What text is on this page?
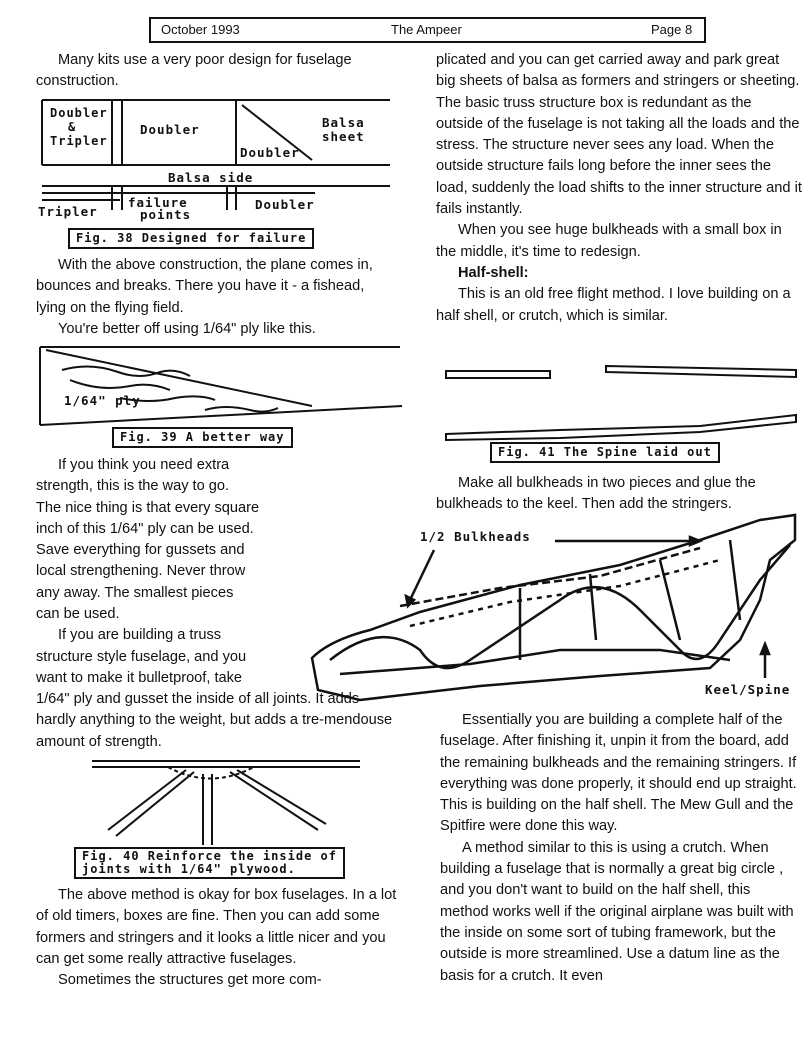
October 1993	The Ampeer	Page 8

Many kits use a very poor design for fuselage construction.

Doubler
&
Tripler
Doubler	Balsa
sheet
Doubler
Balsa side
Tripler
failure
points
Doubler
Fig. 38 Designed for failure

With the above construction, the plane comes in, bounces and breaks. There you have it - a fishead, lying on the flying field.

You're better off using 1/64" ply like this.

1/64" ply
Fig. 39 A better way
If you think you need extra
strength, this is the way to go.
The nice thing is that every square
inch of this 1/64" ply can be used.
Save everything for gussets and
local strengthening. Never throw
any away. The smallest pieces
can be used.
If you are building a truss
structure style fuselage, and you
want to make it bulletproof, take

1/64" ply and gusset the inside of all joints. It adds hardly anything to the weight, but adds a tre-mendouse amount of strength.

Fig. 40 Reinforce the inside of
joints with 1/64" plywood.

The above method is okay for box fuselages. In a lot of old timers, boxes are fine. Then you can add some formers and stringers and it looks a little nicer and you can get some really attractive fuselages.

Sometimes the structures get more com-

plicated and you can get carried away and park great big sheets of balsa as formers and stringers or sheeting. The basic truss structure box is redundant as the outside of the fuselage is not taking all the loads and the stress. The structure never sees any load. When the outside structure fails long before the inner sees the load, suddenly the load shifts to the inner structure and it fails instantly.

When you see huge bulkheads with a small box in the middle, it's time to redesign.

Half-shell:

This is an old free flight method. I love building on a half shell, or crutch, which is similar.

Fig. 41 The Spine laid out

Make all bulkheads in two pieces and glue the bulkheads to the keel. Then add the stringers.

1/2 Bulkheads
Keel/Spine

Essentially you are building a complete half of the fuselage. After finishing it, unpin it from the board, add the remaining bulkheads and the remaining stringers. If everything was done properly, it should end up straight. This is building on the half shell. The Mew Gull and the Spitfire were done this way.

A method similar to this is using a crutch. When building a fuselage that is normally a great big circle , and you don't want to build on the half shell, this method works well if the original airplane was built with the inside on some sort of tubing framework, but the outside is more streamlined. Use a datum line as the basis for a crutch. It even
